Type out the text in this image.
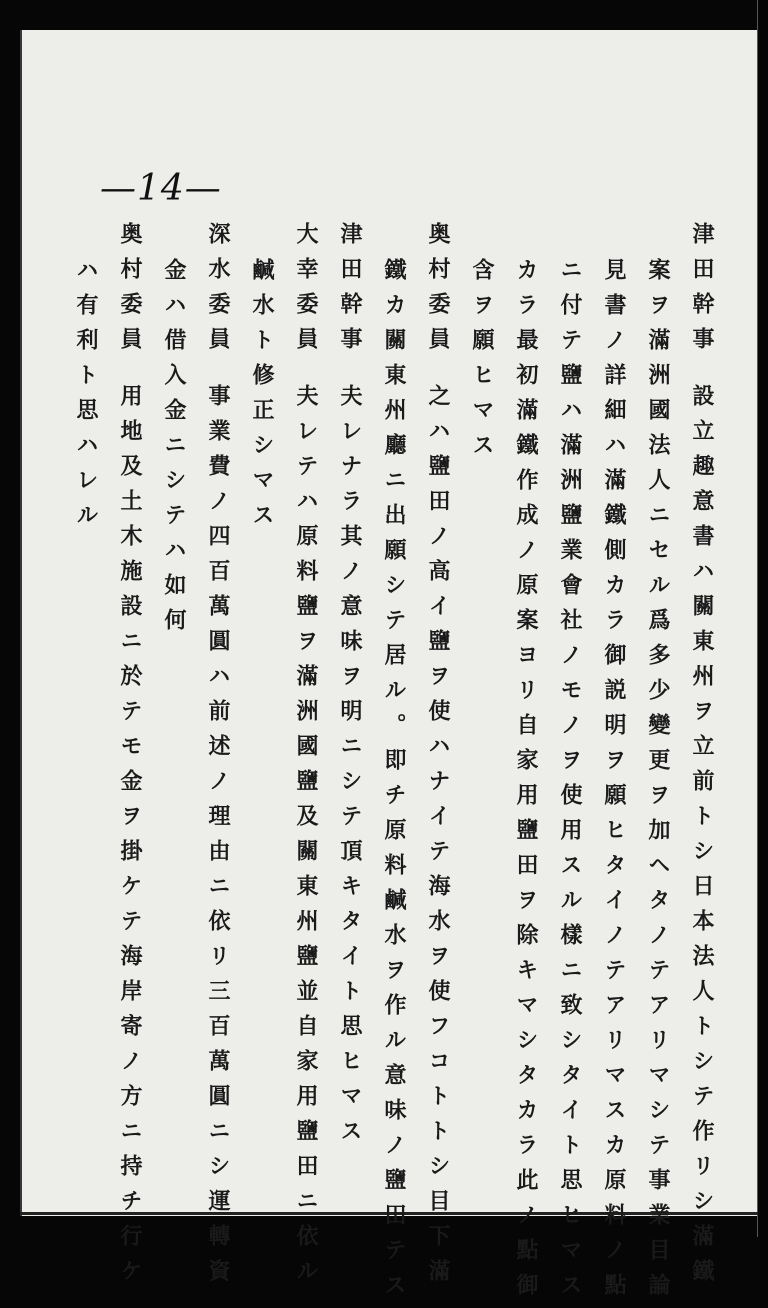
—14—
津田幹事設立趣意書ハ關東州ヲ立前トシ日本法人トシテ作リシ滿鐵
案ヲ滿洲國法人ニセル爲多少變更ヲ加ヘタノテアリマシテ事業目論
見書ノ詳細ハ滿鐵側カラ御説明ヲ願ヒタイノテアリマスカ原料ノ點
ニ付テ鹽ハ滿洲鹽業會社ノモノヲ使用スル樣ニ致シタイト思ヒマス
カラ最初滿鐵作成ノ原案ヨリ自家用鹽田ヲ除キマシタカラ此ノ點御
含ヲ願ヒマス
奥村委員之ハ鹽田ノ高イ鹽ヲ使ハナイテ海水ヲ使フコトトシ目下滿
鐵カ關東州廳ニ出願シテ居ル。即チ原料鹹水ヲ作ル意味ノ鹽田テス
津田幹事夫レナラ其ノ意味ヲ明ニシテ頂キタイト思ヒマス
大幸委員夫レテハ原料鹽ヲ滿洲國鹽及關東州鹽並自家用鹽田ニ依ル
鹹水ト修正シマス
深水委員事業費ノ四百萬圓ハ前述ノ理由ニ依リ三百萬圓ニシ運轉資
金ハ借入金ニシテハ如何
奥村委員用地及土木施設ニ於テモ金ヲ掛ケテ海岸寄ノ方ニ持チ行ケ
ハ有利ト思ハレル
